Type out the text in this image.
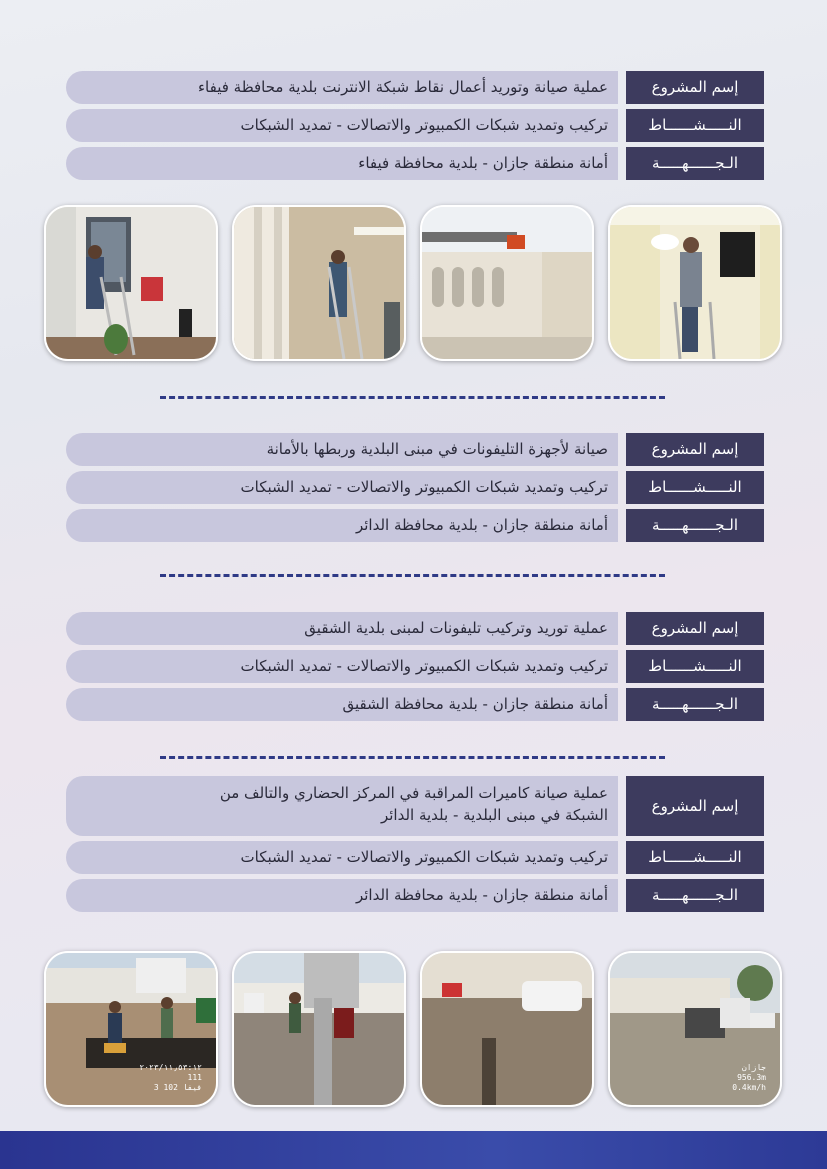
عملية صيانة وتوريد أعمال نقاط شبكة الانترنت بلدية محافظة فيفاء	إسم المشروع
تركيب وتمديد شبكات الكمبيوتر والاتصالات - تمديد الشبكات	النـــــشــــــاط
أمانة منطقة جازان - بلدية محافظة فيفاء	الـجــــــهـــــة
صيانة لأجهزة التليفونات في مبنى البلدية وربطها بالأمانة	إسم المشروع
تركيب وتمديد شبكات الكمبيوتر والاتصالات - تمديد الشبكات	النـــــشــــــاط
أمانة منطقة جازان - بلدية محافظة الدائر	الـجــــــهـــــة
عملية توريد وتركيب تليفونات لمبنى بلدية الشقيق	إسم المشروع
تركيب وتمديد شبكات الكمبيوتر والاتصالات - تمديد الشبكات	النـــــشــــــاط
أمانة منطقة جازان - بلدية محافظة الشقيق	الـجــــــهـــــة
عملية صيانة كاميرات المراقبة في المركز الحضاري والتالف من الشبكة في مبنى البلدية - بلدية الدائر	إسم المشروع
تركيب وتمديد شبكات الكمبيوتر والاتصالات - تمديد الشبكات	النـــــشــــــاط
أمانة منطقة جازان - بلدية محافظة الدائر	الـجــــــهـــــة
٢٠٢٣/١١٫٥٣:١٢
111
3 فيفا 102
جازان
956.3m
0.4km/h
